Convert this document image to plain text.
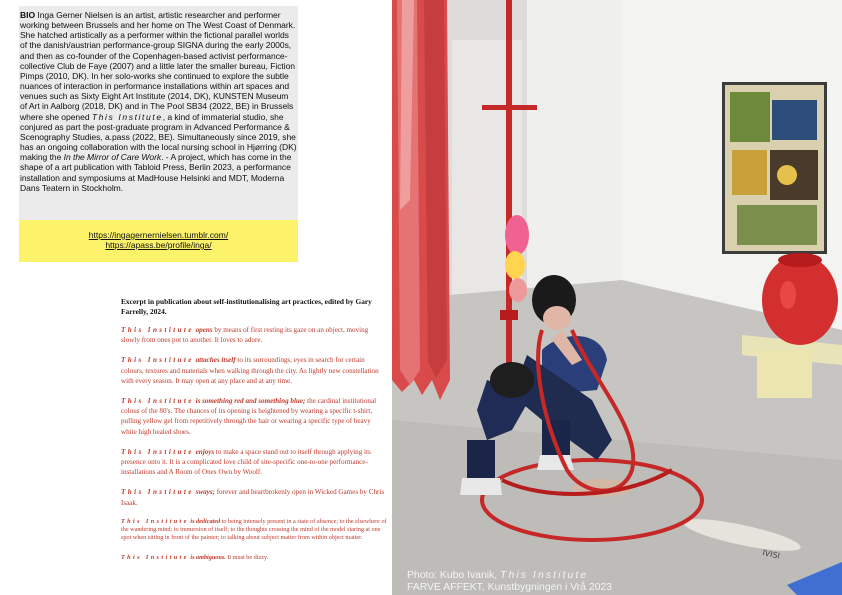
BIO Inga Gerner Nielsen is an artist, artistic researcher and performer working between Brussels and her home on The West Coast of Denmark. She hatched artistically as a performer within the fictional parallel worlds of the danish/austrian performance-group SIGNA during the early 2000s, and then as co-founder of the Copenhagen-based activist performance-collective Club de Faye (2007) and a little later the smaller bureau, Fiction Pimps (2010, DK). In her solo-works she continued to explore the subtle nuances of interaction in performance installations within art spaces and venues such as Sixty Eight Art Institute (2014, DK), KUNSTEN Museum of Art in Aalborg (2018, DK) and in The Pool SB34 (2022, BE) in Brussels where she opened This Institute, a kind of immaterial studio, she conjured as part the post-graduate program in Advanced Performance & Scenography Studies, a.pass (2022, BE). Simultaneously since 2019, she has an ongoing collaboration with the local nursing school in Hjørring (DK) making the In the Mirror of Care Work. - A project, which has come in the shape of a art publication with Tabloid Press, Berlin 2023, a performance installation and symposiums at MadHouse Helsinki and MDT, Moderna Dans Teatern in Stockholm.

https://ingagernernielsen.tumblr.com/
https://apass.be/profile/inga/

Excerpt in publication about self-institutionalising art practices, edited by Gary Farrelly, 2024.

This Institute opens by means of first resting its gaze on an object, moving slowly from ones pot to another. It loves to adore.

This Institute attaches itself to its surroundings, eyes in search for certain colours, textures and materials when walking through the city. As lightly new constellation with every season. It may open at any place and at any time.

This Institute is something red and something blue; the cardinal institutional colous of the 80's. The chances of its opening is heightened by wearing a specific t-shirt, pulling yellow gel from repetitively through the hair or wearing a specific type of heavy white high healed shoes.

This Institute enjoys to make a space stand out to itself through applying its presence onto it. It is a complicated love child of site-specific one-to-one performance-installations and A Room of Ones Own by Woolf.

This Institute sways; forever and heartbrokenly open in Wicked Games by Chris Isaak.

This Institute is dedicated to being intensely present in a state of absence; to the elsewhere of the wandering mind; to immersion of itself; to the thoughts crossing the mind of the model staring at one spot when sitting in front of the painter; to talking about subject matter from within object matter.

This Institute is ambiguous. It must be dizzy.	IVISI
Photo: Kubo Ivanik, This Institute
FARVE AFFEKT, Kunstbygningen i Vrå 2023
